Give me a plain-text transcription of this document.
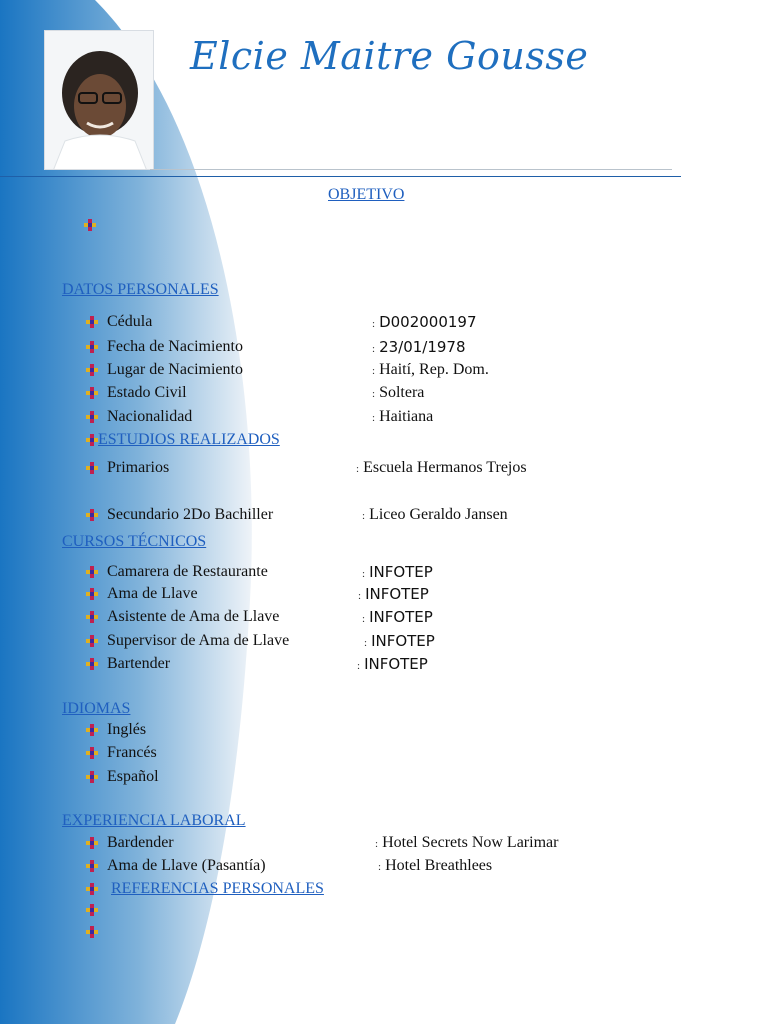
Elcie Maitre Gousse
OBJETIVO
DATOS PERSONALES
Cédula	: D002000197
Fecha de Nacimiento	: 23/01/1978
Lugar de Nacimiento	: Haití, Rep. Dom.
Estado Civil	: Soltera
Nacionalidad	: Haitiana
ESTUDIOS REALIZADOS
Primarios	: Escuela Hermanos Trejos
Secundario 2Do Bachiller	: Liceo Geraldo Jansen
CURSOS TÉCNICOS
Camarera de Restaurante	: INFOTEP
Ama de Llave	: INFOTEP
Asistente de Ama de Llave	: INFOTEP
Supervisor de Ama de Llave	: INFOTEP
Bartender	: INFOTEP
IDIOMAS
Inglés
Francés
Español
EXPERIENCIA LABORAL
Bardender	: Hotel Secrets Now Larimar
Ama de Llave (Pasantía)	: Hotel Breathlees
REFERENCIAS PERSONALES
